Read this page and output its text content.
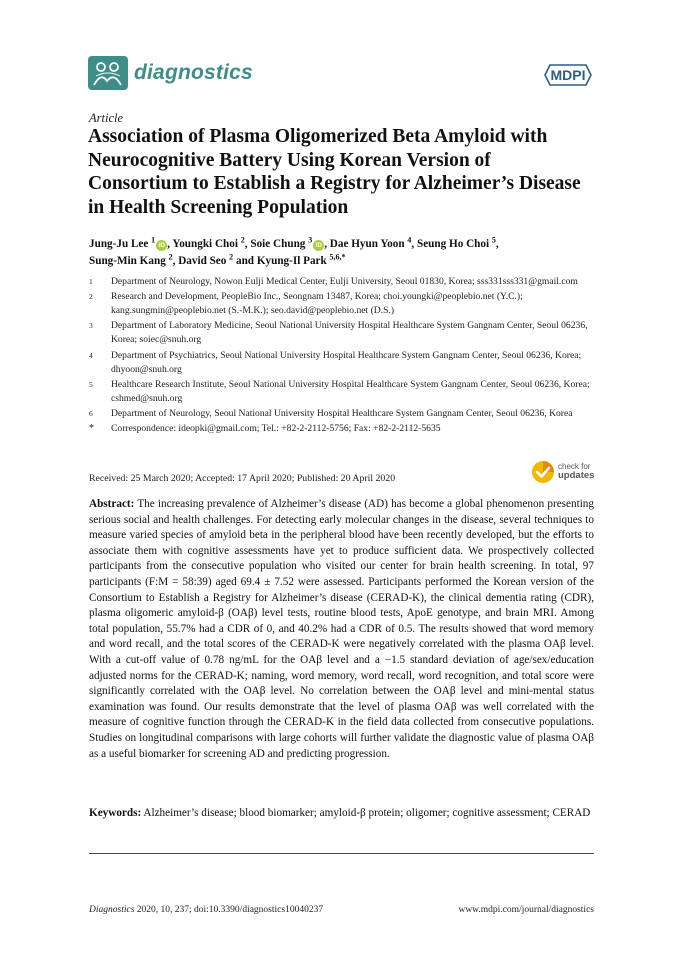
diagnostics	MDPI
Article
Association of Plasma Oligomerized Beta Amyloid with Neurocognitive Battery Using Korean Version of Consortium to Establish a Registry for Alzheimer’s Disease in Health Screening Population
Jung-Ju Lee $^1$iD , Youngki Choi $^2$, Soie Chung $^3$iD , Dae Hyun Yoon $^4$, Seung Ho Choi $^5$,
Sung-Min Kang $^2$, David Seo $^2$ and Kyung-Il Park $^{5,6,*}$
1	Department of Neurology, Nowon Eulji Medical Center, Eulji University, Seoul 01830, Korea; sss331sss331@gmail.com
2	Research and Development, PeopleBio Inc., Seongnam 13487, Korea; choi.youngki@peoplebio.net (Y.C.); kang.sungmin@peoplebio.net (S.-M.K.); seo.david@peoplebio.net (D.S.)
3	Department of Laboratory Medicine, Seoul National University Hospital Healthcare System Gangnam Center, Seoul 06236, Korea; soiec@snuh.org
4	Department of Psychiatrics, Seoul National University Hospital Healthcare System Gangnam Center, Seoul 06236, Korea; dhyoon@snuh.org
5	Healthcare Research Institute, Seoul National University Hospital Healthcare System Gangnam Center, Seoul 06236, Korea; cshmed@snuh.org
6	Department of Neurology, Seoul National University Hospital Healthcare System Gangnam Center, Seoul 06236, Korea
*	Correspondence: ideopki@gmail.com; Tel.: +82-2-2112-5756; Fax: +82-2-2112-5635
Received: 25 March 2020; Accepted: 17 April 2020; Published: 20 April 2020
check for
updates
Abstract: The increasing prevalence of Alzheimer’s disease (AD) has become a global phenomenon presenting serious social and health challenges. For detecting early molecular changes in the disease, several techniques to measure varied species of amyloid beta in the peripheral blood have been recently developed, but the efforts to associate them with cognitive assessments have yet to produce sufficient data. We prospectively collected participants from the consecutive population who visited our center for brain health screening. In total, 97 participants (F:M = 58:39) aged 69.4 ± 7.52 were assessed. Participants performed the Korean version of the Consortium to Establish a Registry for Alzheimer’s disease (CERAD-K), the clinical dementia rating (CDR), plasma oligomeric amyloid-β (OAβ) level tests, routine blood tests, ApoE genotype, and brain MRI. Among total population, 55.7% had a CDR of 0, and 40.2% had a CDR of 0.5. The results showed that word memory and word recall, and the total scores of the CERAD-K were negatively correlated with the plasma OAβ level. With a cut-off value of 0.78 ng/mL for the OAβ level and a −1.5 standard deviation of age/sex/education adjusted norms for the CERAD-K; naming, word memory, word recall, word recognition, and total score were significantly correlated with the OAβ level. No correlation between the OAβ level and mini-mental status examination was found. Our results demonstrate that the level of plasma OAβ was well correlated with the measure of cognitive function through the CERAD-K in the field data collected from consecutive populations. Studies on longitudinal comparisons with large cohorts will further validate the diagnostic value of plasma OAβ as a useful biomarker for screening AD and predicting progression.
Keywords: Alzheimer’s disease; blood biomarker; amyloid-β protein; oligomer; cognitive assessment; CERAD
Diagnostics 2020, 10, 237; doi:10.3390/diagnostics10040237	www.mdpi.com/journal/diagnostics
